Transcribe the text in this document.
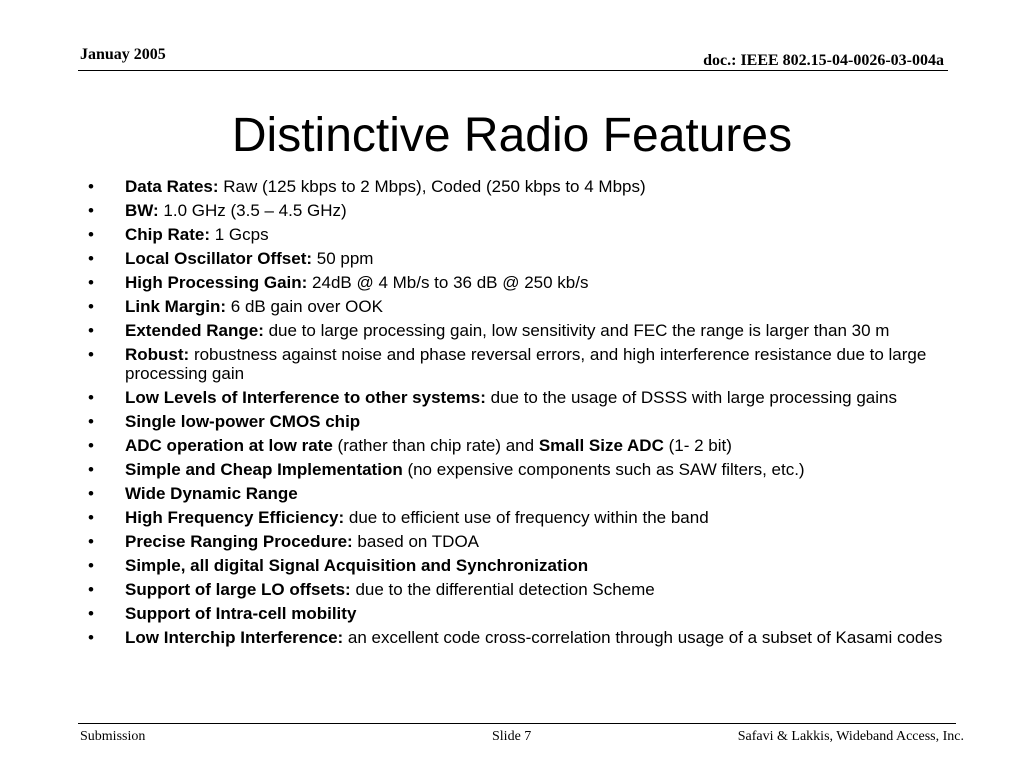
Januay 2005	doc.: IEEE 802.15-04-0026-03-004a
Distinctive Radio Features
• Data Rates: Raw (125 kbps to 2 Mbps), Coded (250 kbps to 4 Mbps)
• BW: 1.0 GHz (3.5 – 4.5 GHz)
• Chip Rate: 1 Gcps
• Local Oscillator Offset: 50 ppm
• High Processing Gain: 24dB @ 4 Mb/s to 36 dB @ 250 kb/s
• Link Margin: 6 dB gain over OOK
• Extended Range: due to large processing gain, low sensitivity and FEC the range is larger than 30 m
• Robust: robustness against noise and phase reversal errors, and high interference resistance due to large processing gain
• Low Levels of Interference to other systems: due to the usage of DSSS with large processing gains
• Single low-power CMOS chip
• ADC operation at low rate (rather than chip rate) and Small Size ADC (1- 2 bit)
• Simple and Cheap Implementation (no expensive components such as SAW filters, etc.)
• Wide Dynamic Range
• High Frequency Efficiency: due to efficient use of frequency within the band
• Precise Ranging Procedure: based on TDOA
• Simple, all digital Signal Acquisition and Synchronization
• Support of large LO offsets: due to the differential detection Scheme
• Support of Intra-cell mobility
• Low Interchip Interference: an excellent code cross-correlation through usage of a subset of Kasami codes
Submission	Slide 7	Safavi & Lakkis, Wideband Access, Inc.
